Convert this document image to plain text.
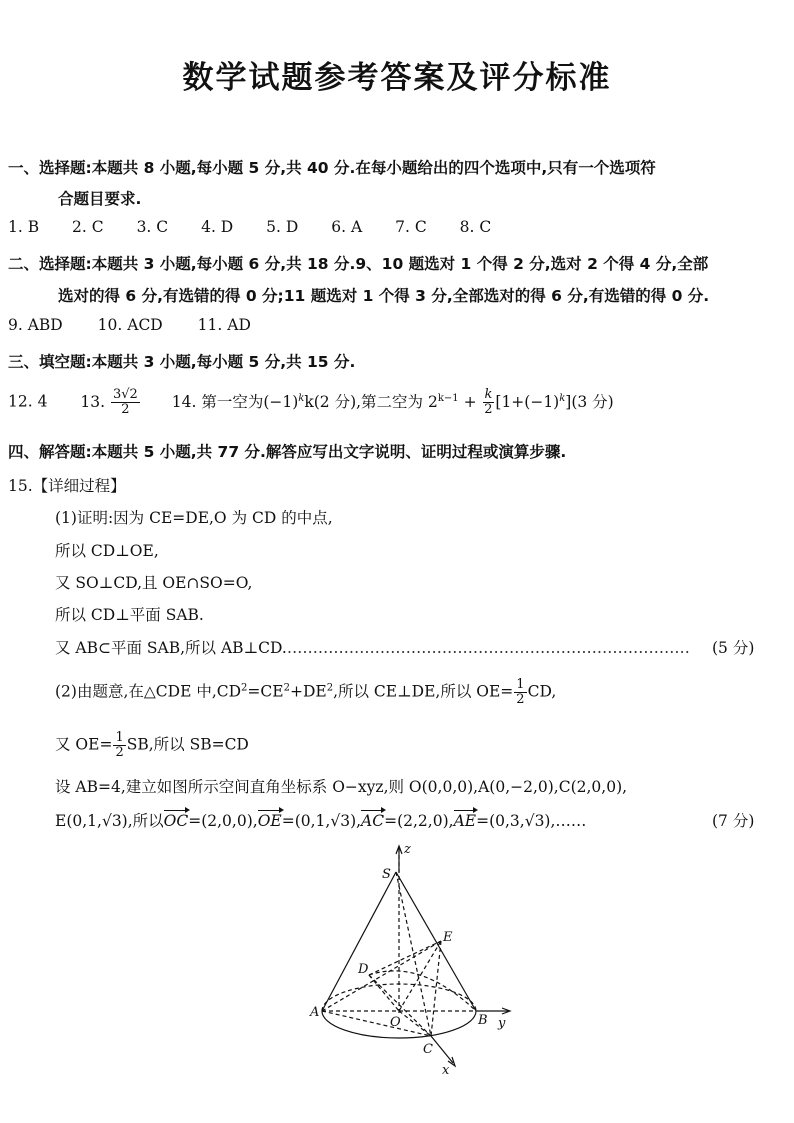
数学试题参考答案及评分标准
一、选择题:本题共 8 小题,每小题 5 分,共 40 分.在每小题给出的四个选项中,只有一个选项符
合题目要求.
1. B 2. C 3. C 4. D 5. D 6. A 7. C 8. C
二、选择题:本题共 3 小题,每小题 6 分,共 18 分.9、10 题选对 1 个得 2 分,选对 2 个得 4 分,全部
选对的得 6 分,有选错的得 0 分;11 题选对 1 个得 3 分,全部选对的得 6 分,有选错的得 0 分.
9. ABD 10. ACD 11. AD
三、填空题:本题共 3 小题,每小题 5 分,共 15 分.
12. 4 13. $\frac{3√2}{2} 14$. 第一空为$(-1)^kk(2$ 分),第二空为 $2^{k-1} + \frac{k}{2} [1+(-1)^k](3$ 分)
四、解答题:本题共 5 小题,共 77 分.解答应写出文字说明、证明过程或演算步骤.
15.【详细过程】
(1)证明:因为 CE=DE,O 为 CD 的中点,
所以 CD⊥OE,
又 SO⊥CD,且 OE∩SO=O,
所以 CD⊥平面 SAB.
又 AB⊂平面 SAB,所以 AB⊥CD.…………………………………………………………………… (5 分)
(2)由题意,在△CDE 中$,CD^2=CE^2+DE^2$,所以 CE⊥DE,所以 $OE= \frac{1}{2}$ CD,
又 $OE= \frac{1}{2}$ SB,所以 SB=CD
设 AB=4,建立如图所示空间直角坐标系 O−xyz,则 O(0,0,0),A(0,−2,0),C(2,0,0),
E(0,1,√3),所以OC=(2,0,0),OE=(0,1,√3),AC=(2,2,0),AE=(0,3,√3),……	(7 分)
z
S
E
D
A
O	B y
C
x
